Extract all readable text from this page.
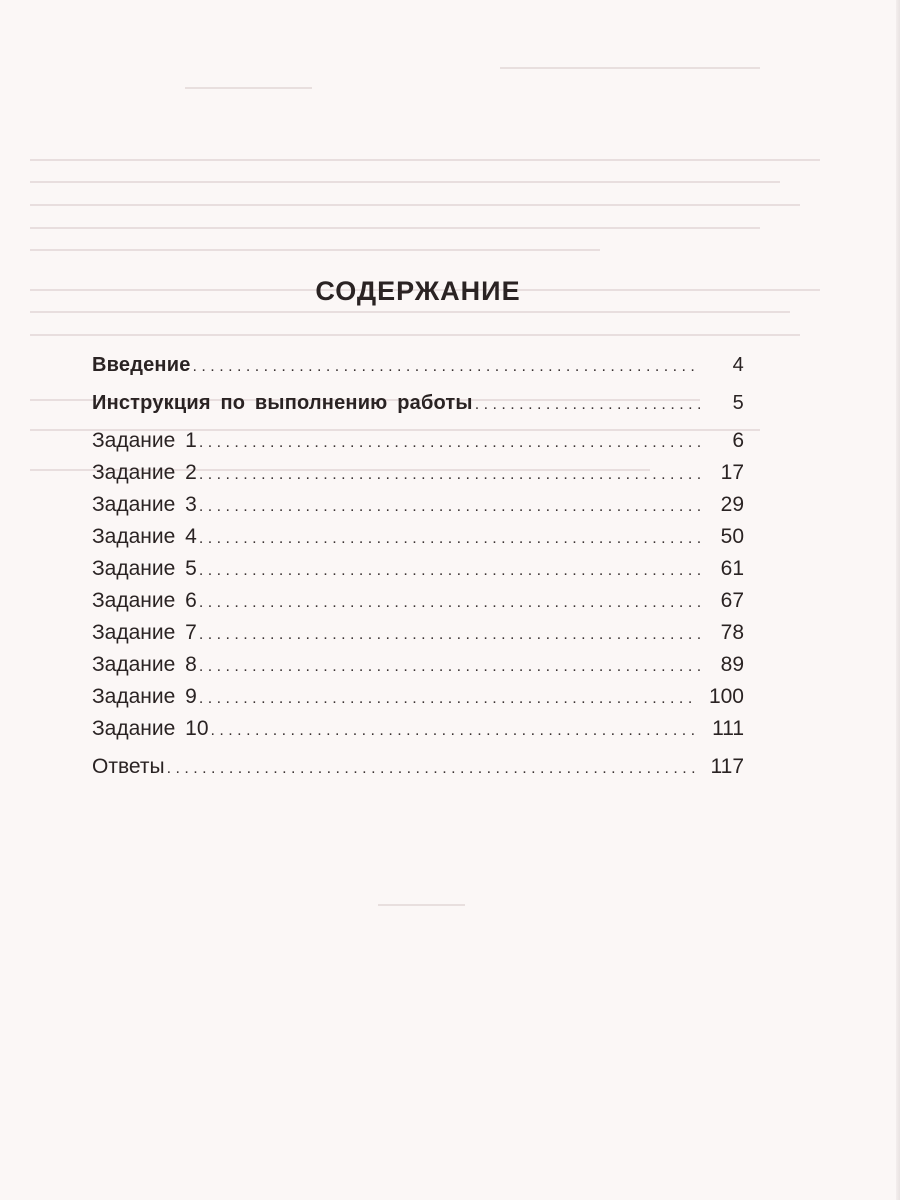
СОДЕРЖАНИЕ
Введение . . .	4
Инструкция по выполнению работы . . .	5
Задание 1 . . .	6
Задание 2 . . .	17
Задание 3 . . .	29
Задание 4 . . .	50
Задание 5 . . .	61
Задание 6 . . .	67
Задание 7 . . .	78
Задание 8 . . .	89
Задание 9 . . .	100
Задание 10 . . .	111
Ответы . . .	117
